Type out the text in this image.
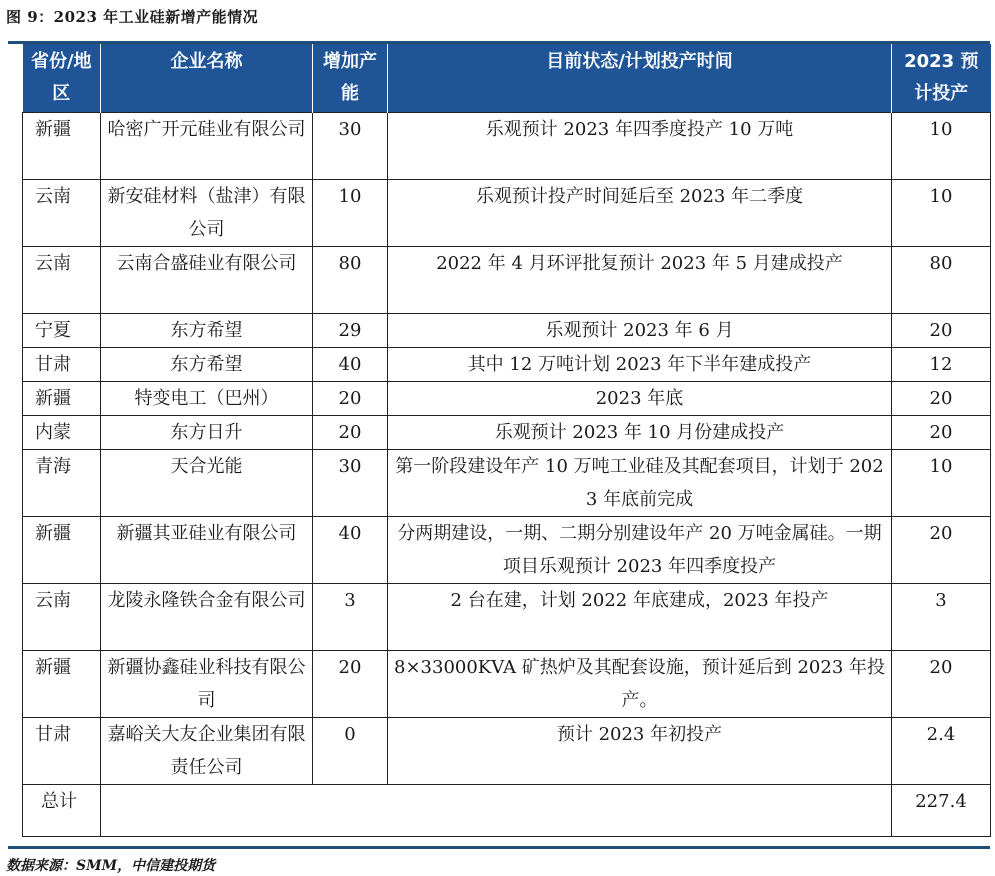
图 9：2023 年工业硅新增产能情况
省份/地区	企业名称	增加产能	目前状态/计划投产时间	2023 预计投产
新疆	哈密广开元硅业有限公司	30	乐观预计 2023 年四季度投产 10 万吨	10
云南	新安硅材料（盐津）有限公司	10	乐观预计投产时间延后至 2023 年二季度	10
云南	云南合盛硅业有限公司	80	2022 年 4 月环评批复预计 2023 年 5 月建成投产	80
宁夏	东方希望	29	乐观预计 2023 年 6 月	20
甘肃	东方希望	40	其中 12 万吨计划 2023 年下半年建成投产	12
新疆	特变电工（巴州）	20	2023 年底	20
内蒙	东方日升	20	乐观预计 2023 年 10 月份建成投产	20
青海	天合光能	30	第一阶段建设年产 10 万吨工业硅及其配套项目，计划于 2023 年底前完成	10
新疆	新疆其亚硅业有限公司	40	分两期建设，一期、二期分别建设年产 20 万吨金属硅。一期项目乐观预计 2023 年四季度投产	20
云南	龙陵永隆铁合金有限公司	3	2 台在建，计划 2022 年底建成，2023 年投产	3
新疆	新疆协鑫硅业科技有限公司	20	8×33000KVA 矿热炉及其配套设施，预计延后到 2023 年投产。	20
甘肃	嘉峪关大友企业集团有限责任公司	0	预计 2023 年初投产	2.4
总计				227.4
数据来源：SMM，中信建投期货
